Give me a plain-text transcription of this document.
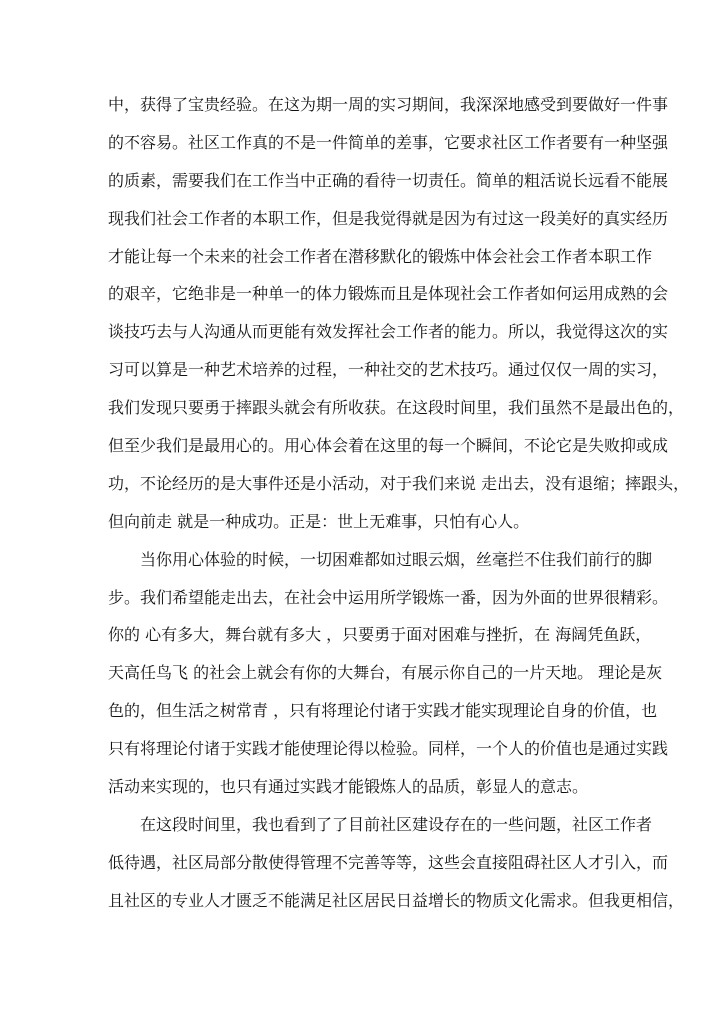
中，获得了宝贵经验。在这为期一周的实习期间，我深深地感受到要做好一件事
的不容易。社区工作真的不是一件简单的差事，它要求社区工作者要有一种坚强
的质素，需要我们在工作当中正确的看待一切责任。简单的粗活说长远看不能展
现我们社会工作者的本职工作，但是我觉得就是因为有过这一段美好的真实经历
才能让每一个未来的社会工作者在潜移默化的锻炼中体会社会工作者本职工作
的艰辛，它绝非是一种单一的体力锻炼而且是体现社会工作者如何运用成熟的会
谈技巧去与人沟通从而更能有效发挥社会工作者的能力。所以，我觉得这次的实
习可以算是一种艺术培养的过程，一种社交的艺术技巧。通过仅仅一周的实习，
我们发现只要勇于摔跟头就会有所收获。在这段时间里，我们虽然不是最出色的，
但至少我们是最用心的。用心体会着在这里的每一个瞬间，不论它是失败抑或成
功，不论经历的是大事件还是小活动，对于我们来说 走出去，没有退缩；摔跟头，
但向前走 就是一种成功。正是：世上无难事，只怕有心人。
当你用心体验的时候，一切困难都如过眼云烟，丝毫拦不住我们前行的脚
步。我们希望能走出去，在社会中运用所学锻炼一番，因为外面的世界很精彩。
你的 心有多大，舞台就有多大 ，只要勇于面对困难与挫折，在 海阔凭鱼跃，
天高任鸟飞 的社会上就会有你的大舞台，有展示你自己的一片天地。 理论是灰
色的，但生活之树常青 ，只有将理论付诸于实践才能实现理论自身的价值，也
只有将理论付诸于实践才能使理论得以检验。同样，一个人的价值也是通过实践
活动来实现的，也只有通过实践才能锻炼人的品质，彰显人的意志。
在这段时间里，我也看到了了目前社区建设存在的一些问题，社区工作者
低待遇，社区局部分散使得管理不完善等等，这些会直接阻碍社区人才引入，而
且社区的专业人才匮乏不能满足社区居民日益增长的物质文化需求。但我更相信，
